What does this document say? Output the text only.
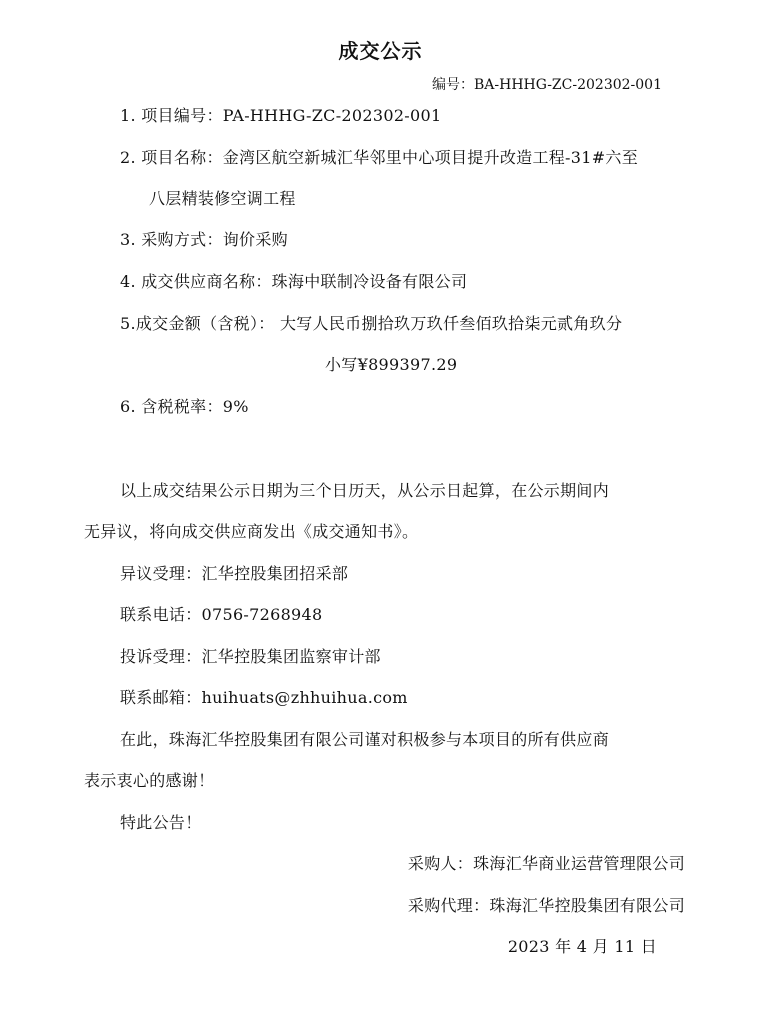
成交公示
编号：BA-HHHG-ZC-202302-001
1. 项目编号：PA-HHHG-ZC-202302-001
2. 项目名称：金湾区航空新城汇华邻里中心项目提升改造工程-31#六至
八层精装修空调工程
3. 采购方式：询价采购
4. 成交供应商名称：珠海中联制冷设备有限公司
5.成交金额（含税）： 大写人民币捌拾玖万玖仟叁佰玖拾柒元贰角玖分
小写¥899397.29
6. 含税税率：9%
以上成交结果公示日期为三个日历天，从公示日起算，在公示期间内
无异议，将向成交供应商发出《成交通知书》。
异议受理：汇华控股集团招采部
联系电话：0756-7268948
投诉受理：汇华控股集团监察审计部
联系邮箱：huihuats@zhhuihua.com
在此，珠海汇华控股集团有限公司谨对积极参与本项目的所有供应商
表示衷心的感谢！
特此公告！
采购人：珠海汇华商业运营管理限公司
采购代理：珠海汇华控股集团有限公司
2023 年 4 月 11 日
